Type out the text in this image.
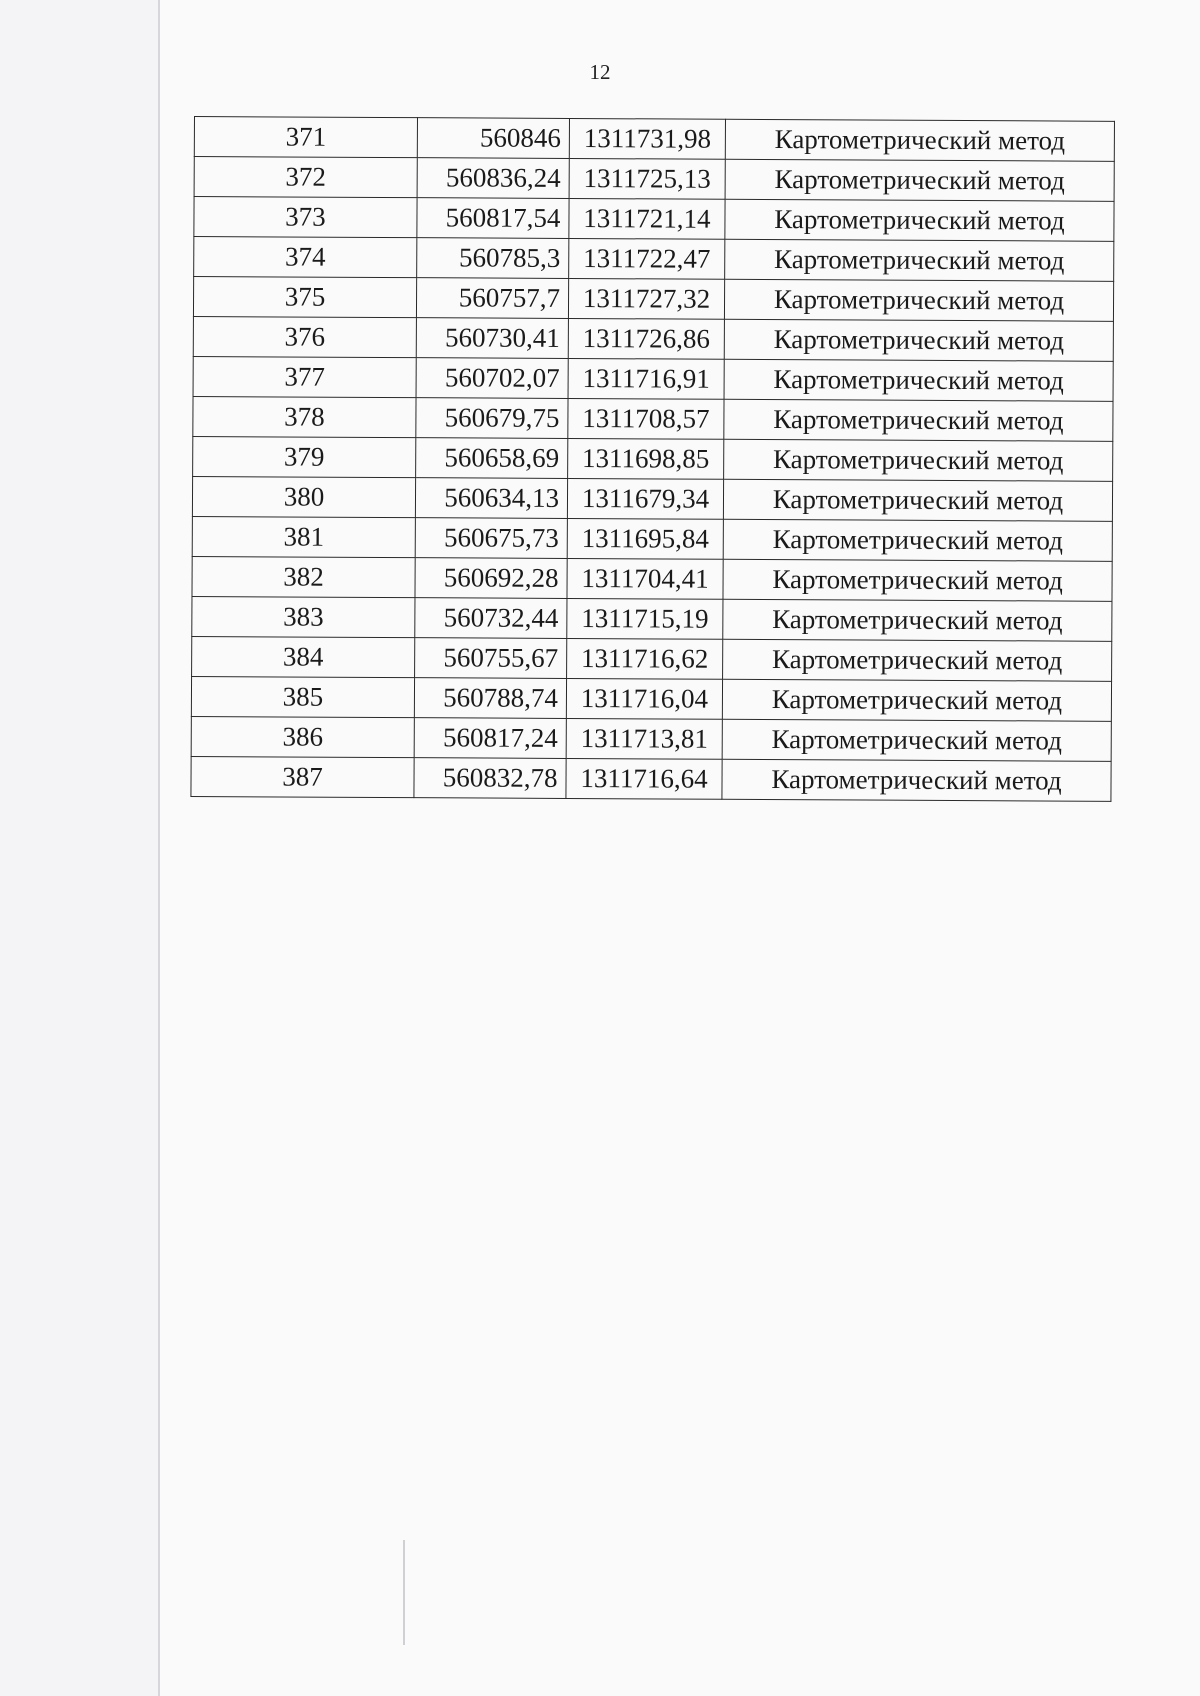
12
371	560846	1311731,98	Картометрический метод
372	560836,24	1311725,13	Картометрический метод
373	560817,54	1311721,14	Картометрический метод
374	560785,3	1311722,47	Картометрический метод
375	560757,7	1311727,32	Картометрический метод
376	560730,41	1311726,86	Картометрический метод
377	560702,07	1311716,91	Картометрический метод
378	560679,75	1311708,57	Картометрический метод
379	560658,69	1311698,85	Картометрический метод
380	560634,13	1311679,34	Картометрический метод
381	560675,73	1311695,84	Картометрический метод
382	560692,28	1311704,41	Картометрический метод
383	560732,44	1311715,19	Картометрический метод
384	560755,67	1311716,62	Картометрический метод
385	560788,74	1311716,04	Картометрический метод
386	560817,24	1311713,81	Картометрический метод
387	560832,78	1311716,64	Картометрический метод
